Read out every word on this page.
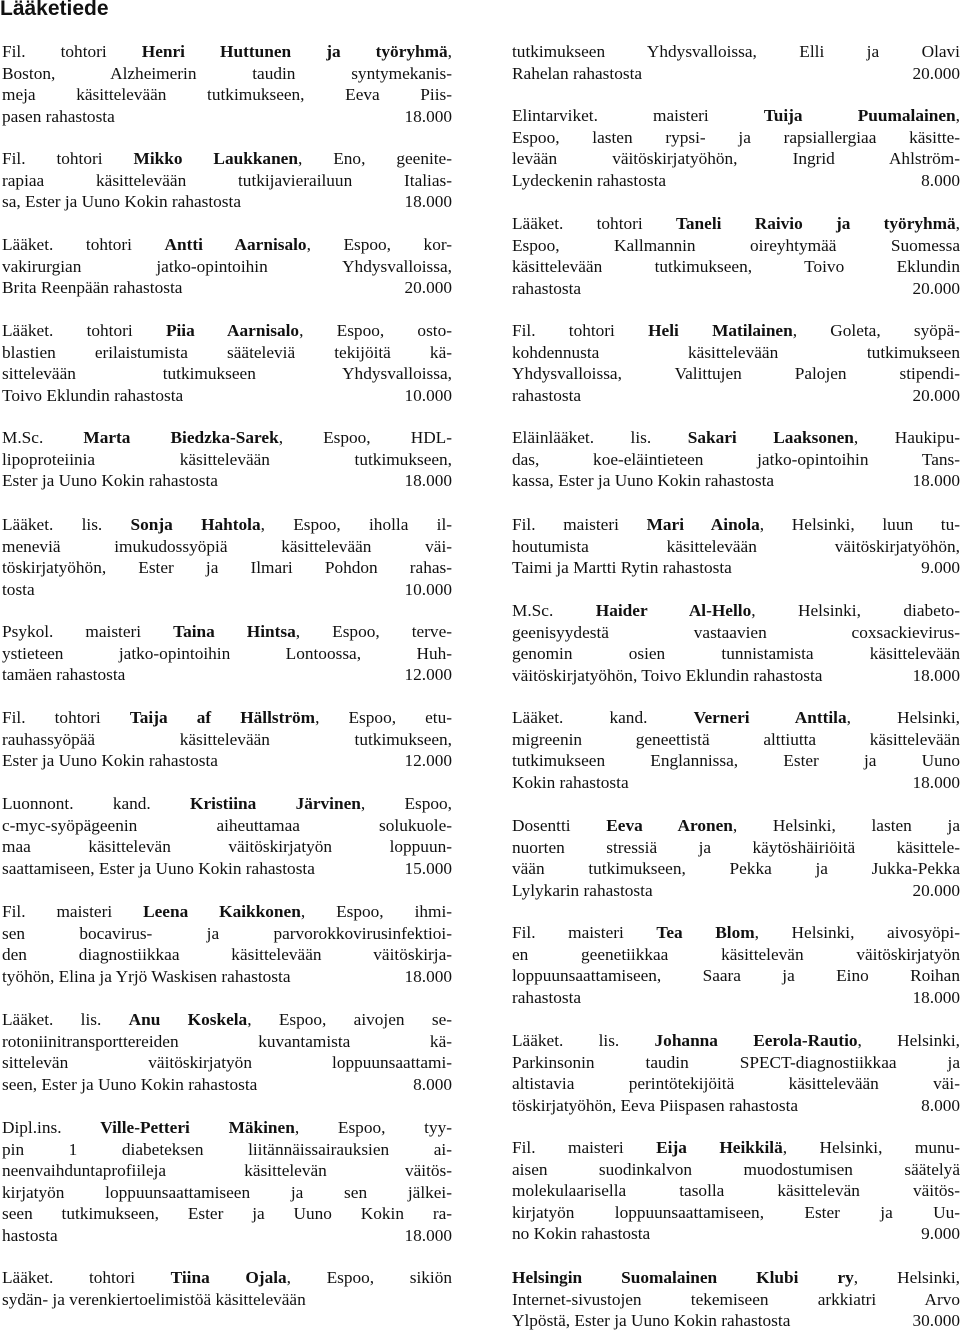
Lääketiede
Fil. tohtori Henri Huttunen ja työryhmä,
Boston, Alzheimerin taudin syntymekanis-
meja käsittelevään tutkimukseen, Eeva Piis-
pasen rahastosta	18.000
Fil. tohtori Mikko Laukkanen, Eno, geenite-
rapiaa käsittelevään tutkijavierailuun Italias-
sa, Ester ja Uuno Kokin rahastosta	18.000
Lääket. tohtori Antti Aarnisalo, Espoo, kor-
vakirurgian jatko-opintoihin Yhdysvalloissa,
Brita Reenpään rahastosta	20.000
Lääket. tohtori Piia Aarnisalo, Espoo, osto-
blastien erilaistumista sääteleviä tekijöitä kä-
sittelevään tutkimukseen Yhdysvalloissa,
Toivo Eklundin rahastosta	10.000
M.Sc. Marta Biedzka-Sarek, Espoo, HDL-
lipoproteiinia käsittelevään tutkimukseen,
Ester ja Uuno Kokin rahastosta	18.000
Lääket. lis. Sonja Hahtola, Espoo, iholla il-
meneviä imukudossyöpiä käsittelevään väi-
töskirjatyöhön, Ester ja Ilmari Pohdon rahas-
tosta	10.000
Psykol. maisteri Taina Hintsa, Espoo, terve-
ystieteen jatko-opintoihin Lontoossa, Huh-
tamäen rahastosta	12.000
Fil. tohtori Taija af Hällström, Espoo, etu-
rauhassyöpää käsittelevään tutkimukseen,
Ester ja Uuno Kokin rahastosta	12.000
Luonnont. kand. Kristiina Järvinen, Espoo,
c-myc-syöpägeenin aiheuttamaa solukuole-
maa käsittelevän väitöskirjatyön loppuun-
saattamiseen, Ester ja Uuno Kokin rahastosta	15.000
Fil. maisteri Leena Kaikkonen, Espoo, ihmi-
sen bocavirus- ja parvorokkovirusinfektioi-
den diagnostiikkaa käsittelevään väitöskirja-
työhön, Elina ja Yrjö Waskisen rahastosta	18.000
Lääket. lis. Anu Koskela, Espoo, aivojen se-
rotoniinitransporttereiden kuvantamista kä-
sittelevän väitöskirjatyön loppuunsaattami-
seen, Ester ja Uuno Kokin rahastosta	8.000
Dipl.ins. Ville-Petteri Mäkinen, Espoo, tyy-
pin 1 diabeteksen liitännäissairauksien ai-
neenvaihduntaprofiileja käsittelevän väitös-
kirjatyön loppuunsaattamiseen ja sen jälkei-
seen tutkimukseen, Ester ja Uuno Kokin ra-
hastosta	18.000
Lääket. tohtori Tiina Ojala, Espoo, sikiön
sydän- ja verenkiertoelimistöä käsittelevään
tutkimukseen Yhdysvalloissa, Elli ja Olavi
Rahelan rahastosta	20.000
Elintarviket. maisteri Tuija Puumalainen,
Espoo, lasten rypsi- ja rapsiallergiaa käsitte-
levään väitöskirjatyöhön, Ingrid Ahlström-
Lydeckenin rahastosta	8.000
Lääket. tohtori Taneli Raivio ja työryhmä,
Espoo, Kallmannin oireyhtymää Suomessa
käsittelevään tutkimukseen, Toivo Eklundin
rahastosta	20.000
Fil. tohtori Heli Matilainen, Goleta, syöpä-
kohdennusta käsittelevään tutkimukseen
Yhdysvalloissa, Valittujen Palojen stipendi-
rahastosta	20.000
Eläinlääket. lis. Sakari Laaksonen, Haukipu-
das, koe-eläintieteen jatko-opintoihin Tans-
kassa, Ester ja Uuno Kokin rahastosta	18.000
Fil. maisteri Mari Ainola, Helsinki, luun tu-
houtumista käsittelevään väitöskirjatyöhön,
Taimi ja Martti Rytin rahastosta	9.000
M.Sc. Haider Al-Hello, Helsinki, diabeto-
geenisyydestä vastaavien coxsackievirus-
genomin osien tunnistamista käsittelevään
väitöskirjatyöhön, Toivo Eklundin rahastosta	18.000
Lääket. kand. Verneri Anttila, Helsinki,
migreenin geneettistä alttiutta käsittelevään
tutkimukseen Englannissa, Ester ja Uuno
Kokin rahastosta	18.000
Dosentti Eeva Aronen, Helsinki, lasten ja
nuorten stressiä ja käytöshäiriöitä käsittele-
vään tutkimukseen, Pekka ja Jukka-Pekka
Lylykarin rahastosta	20.000
Fil. maisteri Tea Blom, Helsinki, aivosyöpi-
en geenetiikkaa käsittelevän väitöskirjatyön
loppuunsaattamiseen, Saara ja Eino Roihan
rahastosta	18.000
Lääket. lis. Johanna Eerola-Rautio, Helsinki,
Parkinsonin taudin SPECT-diagnostiikkaa ja
altistavia perintötekijöitä käsittelevään väi-
töskirjatyöhön, Eeva Piispasen rahastosta	8.000
Fil. maisteri Eija Heikkilä, Helsinki, munu-
aisen suodinkalvon muodostumisen säätelyä
molekulaarisella tasolla käsittelevän väitös-
kirjatyön loppuunsaattamiseen, Ester ja Uu-
no Kokin rahastosta	9.000
Helsingin Suomalainen Klubi ry, Helsinki,
Internet-sivustojen tekemiseen arkkiatri Arvo
Ylpöstä, Ester ja Uuno Kokin rahastosta	30.000
